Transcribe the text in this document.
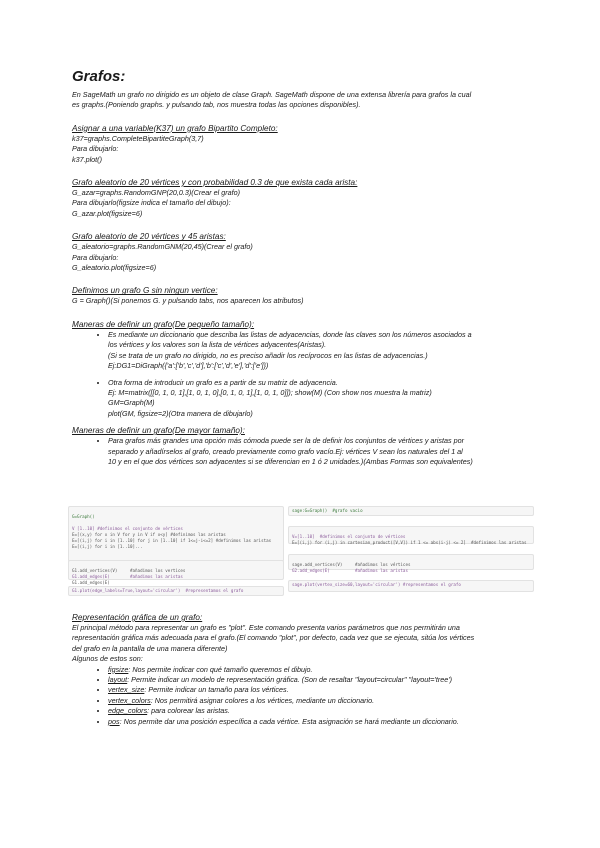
Grafos:

En SageMath un grafo no dirigido es un objeto de clase Graph. SageMath dispone de una extensa librería para grafos la cual

es graphs.(Poniendo graphs. y pulsando tab, nos muestra todas las opciones disponibles).

Asignar a una variable(K37) un grafo Bipartito Completo:

k37=graphs.CompleteBipartiteGraph(3,7)

Para dibujarlo:

k37.plot()

Grafo aleatorio de 20 vértices y con probabilidad 0.3 de que exista cada arista:

G_azar=graphs.RandomGNP(20,0.3)(Crear el grafo)

Para dibujarlo(figsize indica el tamaño del dibujo):

G_azar.plot(figsize=6)

Grafo aleatorio de 20 vértices y 45 aristas:

G_aleatorio=graphs.RandomGNM(20,45)(Crear el grafo)

Para dibujarlo:

G_aleatorio.plot(figsize=6)

Definimos un grafo G sin ningun vertice:

G = Graph()(Si ponemos G. y pulsando tabs, nos aparecen los atributos)

Maneras de definir un grafo(De pequeño tamaño):

• Es mediante un diccionario que describa las listas de adyacencias, donde las claves son los números asociados a
los vértices y los valores son la lista de vértices adyacentes(Aristas).
(Si se trata de un grafo no dirigido, no es preciso añadir los recíprocos en las listas de adyacencias.)
Ej:DG1=DiGraph({'a':['b','c','d'],'b':['c','d','e'],'d':['e']})
• Otra forma de introducir un grafo es a partir de su matriz de adyacencia.
Ej: M=matrix([[0, 1, 0, 1],[1, 0, 1, 0],[0, 1, 0, 1],[1, 0, 1, 0]]); show(M) (Con show nos muestra la matriz)
GM=Graph(M)
plot(GM, figsize=2)(Otra manera de dibujarlo)

Maneras de definir un grafo(De mayor tamaño):

• Para grafos más grandes una opción más cómoda puede ser la de definir los conjuntos de vértices y aristas por
separado y añadírselos al grafo, creado previamente como grafo vacío.Ej: vértices V sean los naturales del 1 al
10 y en el que dos vértices son adyacentes si se diferencian en 1 ó 2 unidades.)(Ambas Formas son equivalentes)

G=Graph()

V [1..10] #definimos el conjunto de vértices
E=[(x,y) for x in V for y in V if x<y] #definimos las aristas
E=[(i,j) for i in [1..10] for j in [1..10] if 1<=j-i<=2] #definimos las aristas
E=[(i,j) for i in [1..10]...

G1.add_vertices(V)     #añadimos los vertices
G1.add_edges(E)        #añadimos las aristas
G1.add_edges(E)
G1.plot(edge_labels=True,layout='circular')  #representamos el grafo
sage:G=Graph()  #grafo vacio

V=[1..10]  #definimos el conjunto de vértices
E=[(i,j) for (i,j) in cartesian_product([V,V]) if 1 <= abs(i-j) <= 2]  #definimos las aristas

sage.add_vertices(V)     #añadimos los vértices
G2.add_edges(E)          #añadimos las aristas
sage.plot(vertex_size=60,layout='circular') #representamos el grafo

Representación gráfica de un grafo:

El principal método para representar un grafo es "plot". Este comando presenta varios parámetros que nos permitirán una

representación gráfica más adecuada para el grafo.(El comando "plot", por defecto, cada vez que se ejecuta, sitúa los vértices

del grafo en la pantalla de una manera diferente)

Algunos de estos son:

• figsize: Nos permite indicar con qué tamaño queremos el dibujo.
• layout: Permite indicar un modelo de representación gráfica. (Son de resaltar "layout=circular" "layout='tree')
• vertex_size: Permite indicar un tamaño para los vértices.
• vertex_colors: Nos permitirá asignar colores a los vértices, mediante un diccionario.
• edge_colors: para colorear las aristas.
• pos: Nos permite dar una posición específica a cada vértice. Esta asignación se hará mediante un diccionario.
